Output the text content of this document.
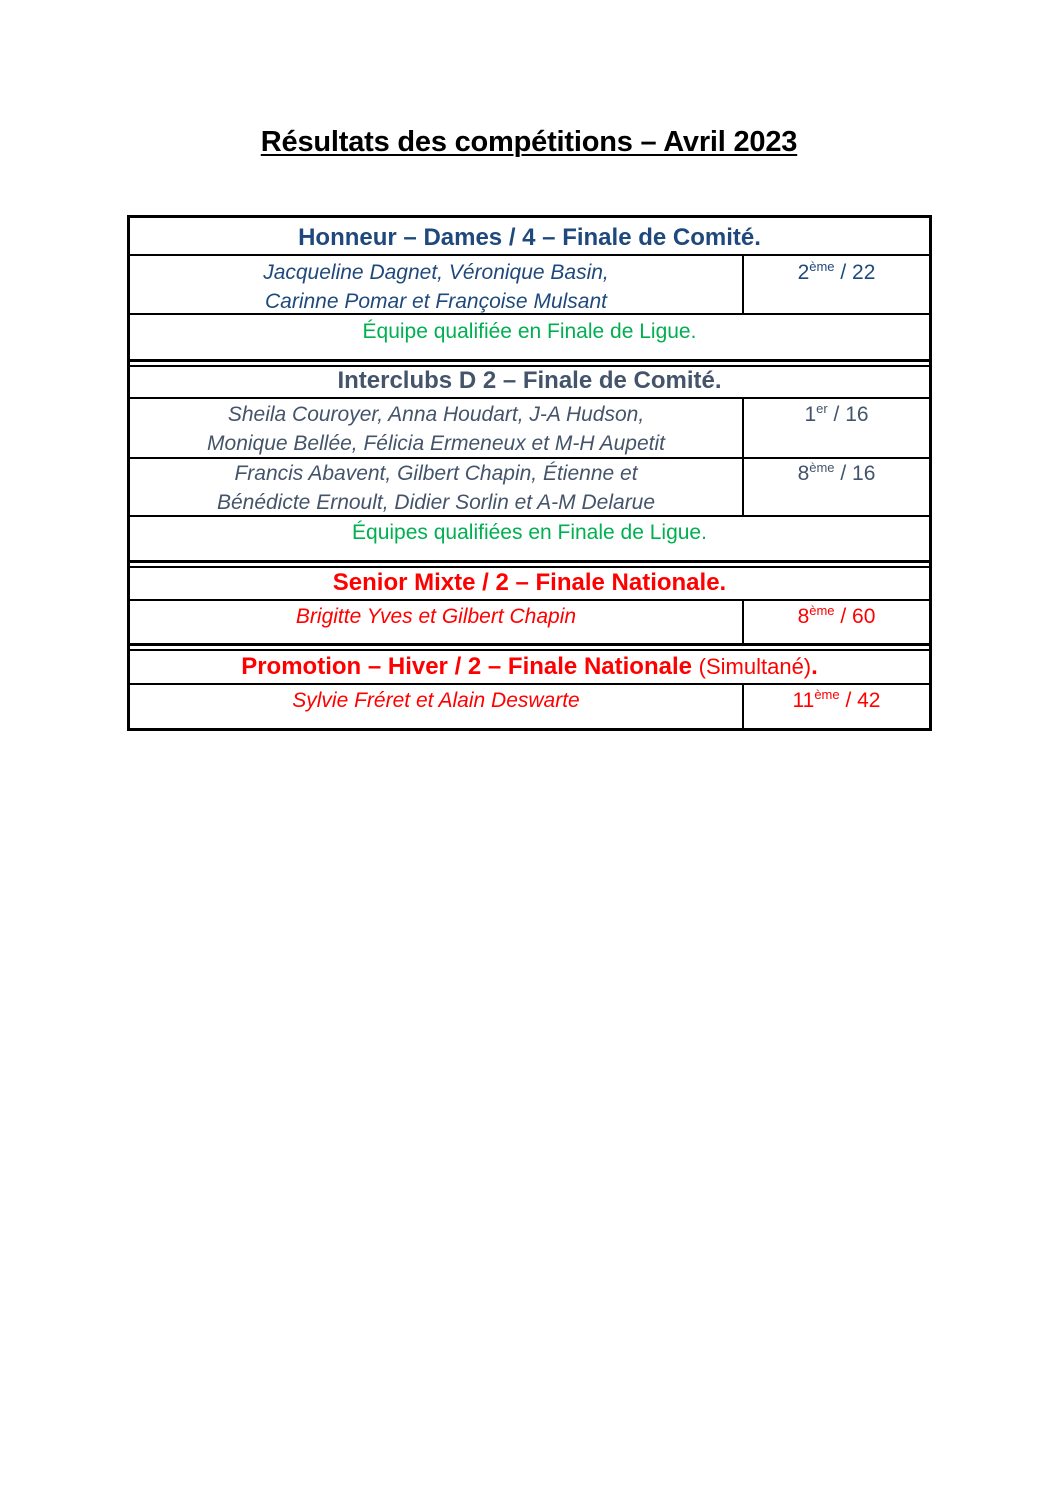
Résultats des compétitions – Avril 2023
Honneur – Dames / 4 – Finale de Comité.
Jacqueline Dagnet, Véronique Basin,
Carinne Pomar et Françoise Mulsant
2ème / 22
Équipe qualifiée en Finale de Ligue.
Interclubs D 2 – Finale de Comité.
Sheila Couroyer, Anna Houdart, J-A Hudson,
Monique Bellée, Félicia Ermeneux et M-H Aupetit
1er / 16
Francis Abavent, Gilbert Chapin, Étienne et
Bénédicte Ernoult, Didier Sorlin et A-M Delarue
8ème / 16
Équipes qualifiées en Finale de Ligue.
Senior Mixte / 2 – Finale Nationale.
Brigitte Yves et Gilbert Chapin	8ème / 60
Promotion – Hiver / 2 – Finale Nationale (Simultané).
Sylvie Fréret et Alain Deswarte	11ème / 42
